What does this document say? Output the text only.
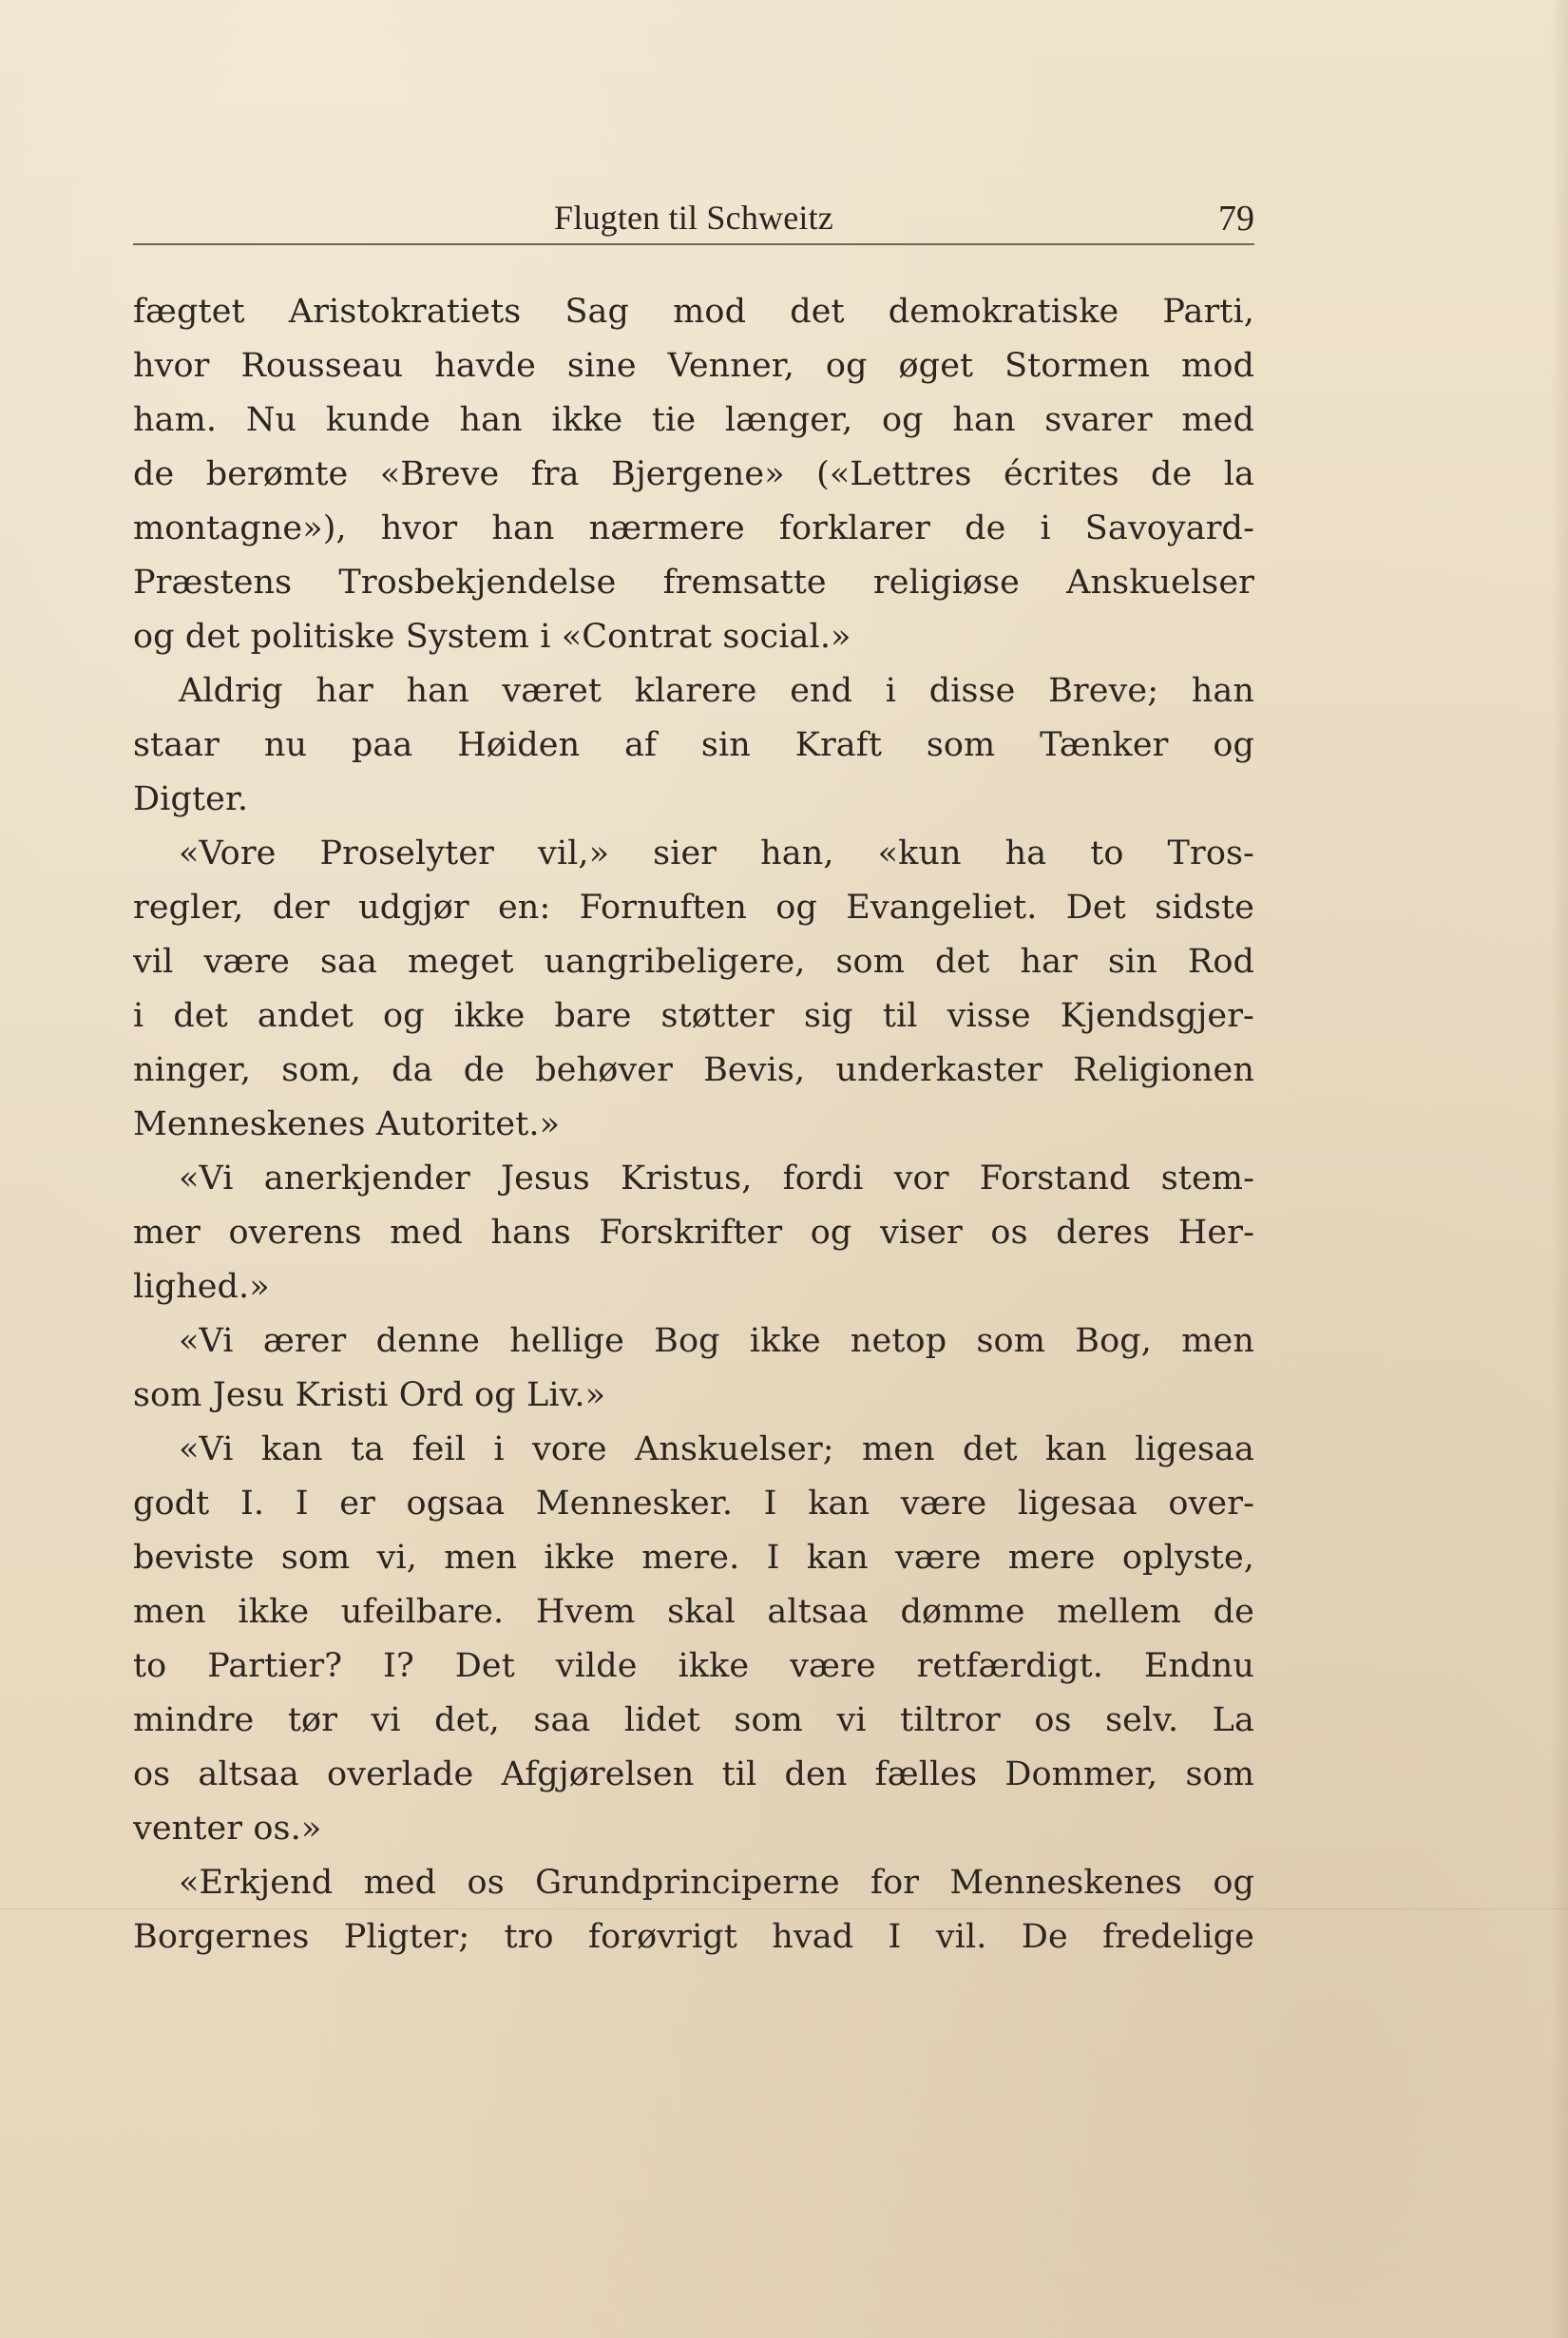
Flugten til Schweitz	79
fægtet Aristokratiets Sag mod det demokratiske Parti,
hvor Rousseau havde sine Venner, og øget Stormen mod
ham. Nu kunde han ikke tie længer, og han svarer med
de berømte «Breve fra Bjergene» («Lettres écrites de la
montagne»), hvor han nærmere forklarer de i Savoyard-
Præstens Trosbekjendelse fremsatte religiøse Anskuelser
og det politiske System i «Contrat social.»
Aldrig har han været klarere end i disse Breve; han
staar nu paa Høiden af sin Kraft som Tænker og
Digter.
«Vore Proselyter vil,» sier han, «kun ha to Tros-
regler, der udgjør en: Fornuften og Evangeliet. Det sidste
vil være saa meget uangribeligere, som det har sin Rod
i det andet og ikke bare støtter sig til visse Kjendsgjer-
ninger, som, da de behøver Bevis, underkaster Religionen
Menneskenes Autoritet.»
«Vi anerkjender Jesus Kristus, fordi vor Forstand stem-
mer overens med hans Forskrifter og viser os deres Her-
lighed.»
«Vi ærer denne hellige Bog ikke netop som Bog, men
som Jesu Kristi Ord og Liv.»
«Vi kan ta feil i vore Anskuelser; men det kan ligesaa
godt I. I er ogsaa Mennesker. I kan være ligesaa over-
beviste som vi, men ikke mere. I kan være mere oplyste,
men ikke ufeilbare. Hvem skal altsaa dømme mellem de
to Partier? I? Det vilde ikke være retfærdigt. Endnu
mindre tør vi det, saa lidet som vi tiltror os selv. La
os altsaa overlade Afgjørelsen til den fælles Dommer, som
venter os.»
«Erkjend med os Grundprinciperne for Menneskenes og
Borgernes Pligter; tro forøvrigt hvad I vil. De fredelige
